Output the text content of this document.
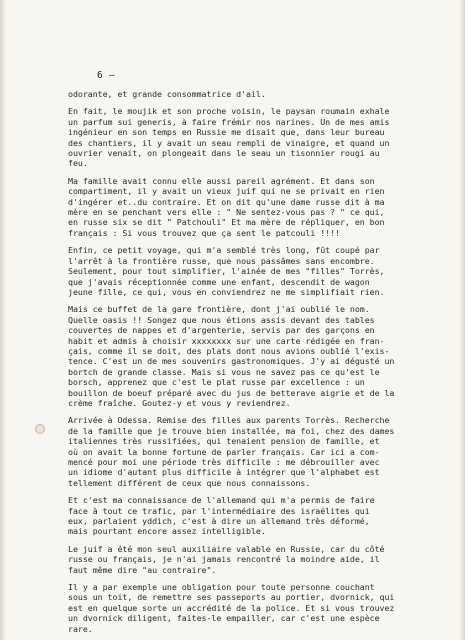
6 —

odorante, et grande consommatrice d'ail.

En fait, le moujik et son proche voisin, le paysan roumain exhale
un parfum sui generis, à faire frémir nos narines. Un de mes amis
ingénieur en son temps en Russie me disait que, dans leur bureau
des chantiers, il y avait un seau rempli de vinaigre, et quand un
ouvrier venait, on plongeait dans le seau un tisonnier rougi au
feu.

Ma famille avait connu elle aussi pareil agrément. Et dans son
compartiment, il y avait un vieux juif qui ne se privait en rien
d'ingérer et..du contraire. Et on dit qu'une dame russe dit à ma
mère en se penchant vers elle : " Ne sentez-vous pas ? " ce qui,
en russe six se dit " Patchouli" Et ma mère de répliquer, en bon
français : Si vous trouvez que ça sent le patcouli !!!!

Enfin, ce petit voyage, qui m'a semblé très long, fût coupé par
l'arrêt à la frontière russe, que nous passâmes sans encombre.
Seulement, pour tout simplifier, l'ainée de mes "filles" Torrès,
que j'avais réceptionnée comme une enfant, descendit de wagon
jeune fille, ce qui, vous en conviendrez ne me simplifiait rien.

Mais ce buffet de la gare frontière, dont j'ai oublié le nom.
Quelle oasis !! Songez que nous étions assis devant des tables
couvertes de nappes et d'argenterie, servis par des garçons en
habit et admis à choisir xxxxxxxx sur une carte rédigée en fran-
çais, comme il se doit, des plats dont nous avions oublié l'exis-
tence. C'est un de mes souvenirs gastronomiques. J'y ai dégusté un
bortch de grande classe. Mais si vous ne savez pas ce qu'est le
borsch, apprenez que c'est le plat russe par excellence : un
bouillon de boeuf préparé avec du jus de betterave aigrie et de la
crème fraîche. Goutez-y et vous y reviendrez.

Arrivée à Odessa. Remise des filles aux parents Torrès. Recherche
de la famille que je trouve bien installée, ma foi, chez des dames
italiennes très russifiées, qui tenaient pension de famille, et
où on avait la bonne fortune de parler français. Car ici a com-
mencé pour moi une période très difficile : me débrouiller avec
un idiome d'autant plus difficile à intégrer que l'alphabet est
tellement différent de ceux que nous connaissons.

Et c'est ma connaissance de l'allemand qui m'a permis de faire
face à tout ce trafic, par l'intermédiaire des israélites qui
eux, parlaient yddich, c'est à dire un allemand très déformé,
mais pourtant encore assez intelligible.

Le juif a été mon seul auxiliaire valable en Russie, car du côté
russe ou français, je n'ai jamais rencontré la moindre aide, il
faut même dire "au contraire".

Il y a par exemple une obligation pour toute personne couchant
sous un toit, de remettre ses passeports au portier, dvornick, qui
est en quelque sorte un accrédité de la police. Et si vous trouvez
un dvornick diligent, faites-le empailler, car c'est une espèce
rare.
